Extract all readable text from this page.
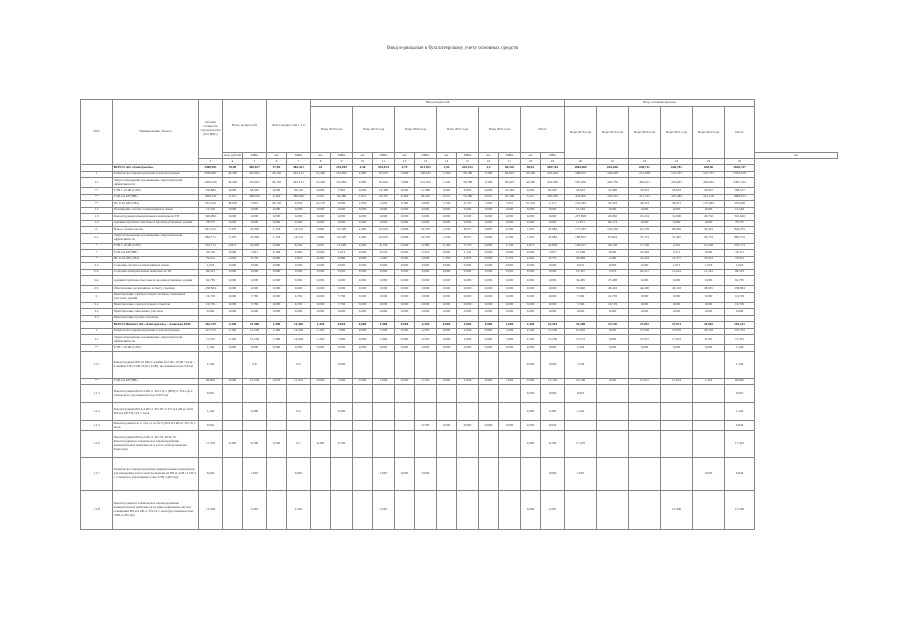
Ввод в-рвошлые к бухгалтерскому учету основных средств
№№	Наименование объекта	Полная стоимость строительства (без НДС)	Всего мощностей		Всего мощностей 1 1/2		Ввод мощностей												Ввод основных фондов						
							План 2018 года		План 2019 года		План 2020 года		План 2021 года		План 2022 года		Итого		План 2018 года	План 2019 года	План 2020 года	План 2021 года	План 2022 года	Итого	
			млн. рублей	МВА	км	МВА	км	МВА	км	МВА	км	МВА	км	МВА	км	МВА	км	МВА							км
		3	4	5	6	7	8	9	10	11	12	13	14	15	16	17	18	19	20	21	22	23	24	25	
	ВСЕГО АО «Электросеть»	3469,951	55,00	485,81*	57,65	482,331	18	219,945	4,40	933,674	4,79	613,951	1,94	625,221	3,5	60,145	98,01	5827,84	1094,560	616,026	638,711	640,781	638,50	3636,747	
1	Техническое перевооружение и реконструкция	2508,691	43,340	425,851	45,746	443,131	12,340	101,891	2,080	81,674	3,996	100,625	1,504	78,188	3,396	83,623	43,340	453,029	598,672	436,628	251,958	531,337	527,737	2376,318	
1.1	Энергосбережение и повышение энергетической эффективности	2409,256	43,340	453,025	45,746	443,131	12,340	101,891	2,080	81,624	3,996	101,625	1,540	78,188	3,396	83,623	43,340	453,029	587,636	449,739	494,011	479,667	494,632	2497,144	
**	ТЭП 1.10 кВ (СН2)	150,884	0,000	64,945	0,000	56,310	9,000	7,861	0,000	12,389	0,000	11,380	0,000	6,850	0,000	22,364	0,000	60,945	18,691	35,696	35,615	18,003	33,837	168,157	
**	ТЭП 0,4 кВ (НН)	1828,341	5,321	386,039	2,420	389,499	2,925	94,286	1,031	70,337	0,406	82,445	0,231	74,286	0,655	61,308	5,221	385,038	433,850	343,742	412,722	425,482	521,118	1988,254	
**	ПС 6-10 кВ (СН2)	351,219	38,020	7,841	43,126	4,830	10,170	0,000	1,050	1,050	3,190	0,000	1,740	0,170	7,850	1,631	37,224	1,171	161,293	35,593	46,533	36,671	137,092	355,628	
1.2	Расширение систем телемеханики и связи	12,526	0,000	0,000	0,000	0,000	0,000	0,000	0,000	0,000	0,000	0,000	0,000	0,000	0,000	0,000	0,000	0,000	12,526	0,000	0,000	0,000	0,000	12,526	
1.3	Реконструкция измерительных комплексов ТП	340,990	0,000	0,000	0,000	0,000	0,000	0,000	0,000	0,000	0,000	0,000	0,000	0,000	0,000	0,000	0,000	0,000	207,808	20,082	19,224	31,800	26,702	310,946	
1.4	Административно-бытовые и производственные здания	78,537	0,000	0,000	0,000	0,000	0,000	0,000	0,000	0,000	0,000	0,000	0,000	0,000	0,000	0,000	0,000	0,000	11,871	66,173	0,000	0,000	0,000	78,537	
2.	Новое строительство	947,222	7,470	47,040	1,134	14,101	2,860	16,228	2,460	10,025	0,906	10,376	1,530	8,027	0,887	2,309	7,470	47,084	177,203	191,230	61,278	96,965	54,291	842,235	
2.1.	Энергосбережение и повышение энергетической эффективности	882,771	7,470	47,040	1,134	14,101	2,860	16,228	2,460	10,025	0,906	10,376	1,530	8,027	0,000	2,309	7,470	47,084	168,873	97,844	37,721	57,497	26,733	882,772	
*	ТЭП 1.10 кВ (СН2)	252,713	4,873	32,839	0,966	8,230	2,691	13,028	2,000	8,130	0,906	6,399	0,160	3,770	0,000	2,136	4,873	32,839	104,977	36,108	17,109	4,591	12,238	252,713	
*	ТЭП 0,4 кВ (НН)	33,510	0,000	7,811	0,168	2,800	0,000	1,673	0,000	0,235	0,000	4,352	0,000	1,152	0,000	0,000	0,000	7,857	11,208	8,580	16,262	5,471	0,000	33,511	
*	ПС 6-10 кВ (СН2)	79,912	2,604	6,770	0,000	2,919	0,290	0,980	0,000	1,660	0,000	0,000	1,350	4,870	0,000	0,170	2,604	6,770	20,688	2,260	14,203	14,377	79,912	79,912	
2.2	Создание систем телемеханики и связи	1,018	0,000	0,000	0,000	0,000	0,000	0,000	0,000	0,000	0,000	0,000	0,000	0,000	0,000	0,000	0,000	0,000	0,031	0,000	0,200	1,015	1,018	1,018	
2.3.	Создание измерительных комплексов ТП	86,523	0,000	0,000	0,000	0,000	0,000	0,000	0,000	0,000	0,000	0,000	0,000	0,000	0,000	0,000	0,000	0,000	19,307	2,879	20,417	12,624	21,361	86,523	
2.4.	Административно-бытовые и производственные здания	62,785	0,000	0,000	0,000	0,000	0,000	0,000	0,000	0,000	0,000	0,000	0,000	0,000	0,000	0,000	0,000	0,000	54,485	27,408	0,200	0,000	0,000	62,785	
2.5.	Обеспечение, не входящее в смету стройки	238,804	0,000	0,000	0,000	0,000	0,000	0,000	0,000	0,000	0,000	0,000	0,000	0,000	0,000	0,000	0,000	0,000	55,840	48,416	44,200	43,163	48,935	238,804	
3.	Приобретение электросетевых активов, земельных участков, зданий	16,729	0,000	7,766	0,000	4,350	0,000	7,766	0,000	0,000	0,000	0,000	0,000	0,000	0,000	0,000	0,000	0,000	7,566	16,729	0,000	0,000	0,000	16,729	
3.1.	Приобретение электросетевых объектов	16,729	0,000	7,766	0,000	4,350	0,000	7,766	0,000	0,000	0,000	0,000	0,000	0,000	0,000	0,000	0,000	0,000	7,566	16,729	0,000	0,000	0,000	16,729	
3.2	Приобретение земельных участков	0,000	0,000	0,000	0,000	0,000	0,000	0,000	0,000	0,000	0,000	0,000	0,000	0,000	0,000	0,000	0,000	0,000	0,000	0,000	0,000	0,000	0,000	0,000	
3.3	Приобретение прочих объектов																								
	ВСЕГО Филиал АО «Электросеть» - Азовская МЭС	182,370	2,340	15,366	1,490	14,456	1,430	0,020	0,000	1,966	0,000	4,330	0,000	2,906	0,969	1,609	2,340	15,364	32,188	27,120	27,057	27,871	24,902	181,231	
1	Техническое перевооружение и реконструкция	147,372	2,340	15,236	1,490	14,456	1,430	7,990	0,000	1,966	0,000	4,330	0,000	2,006	0,969	1,609	2,340	15,236	61,905	0,000	27,050	27,870	26,702	147,372	
1.1	Энергосбережение и повышение энергетической эффективности	71,591	2,340	15,236	1,490	14,456	1,430	7,990	0,000	1,966	0,000	4,330	0,000	2,006	0,969	1,609	2,340	15,236	15,215	0,000	27,057	17,023	8,103	71,591	
**	ТЭП 1.10 кВ (СН2)	1,546	0,000	0,000	0,000	0,000	0,000	0,000	0,000	0,000	0,000	0,000	0,000	0,000	0,000	0,000	0,000	0,000	1,546	0,000	0,000	0,000	0,000	1,546	
1.1.1	Реконструкция ВЛ-10 кВ от ячейки №3 ПС-10 кВ "Азов" - в ячейки ТП-10 кВ-16 (6-10 кВ), протяженностью 0,8 км	1,546		0,8		0,4		0,800									0,000	0,000	7,546					1,546	
**	ТЭП 0,4 кВ (НН)	69,865	0,000	15,236	0,970	15,419	0,000	7,990	0,000	1,966	0,000	4,330	0,000	2,006	0,969	1,609	0,000	13,126	16,769	0,000	27,057	15,024	1,324	69,865	
1.1.3	Реконструкция ВЛ-0,4 кВ от ТП-3 ф-1 (НН) от ТП-2 ф-2 Самарского, протяженностью 0,925 км	0,925															0,000	0,000	0,925					0,925	
1.1.4	Реконструкция ВЛ-0,4 кВ от ТП-38 от ТУ-0,4 кВ до №31 ВЛ-0,4 кВ ТП-123 г. Азов	1,240		0,400		0,4		0,400									0,400	0,400	1,240					1,240	
1.1.5	Реконструкция (ж от №2 до от №17) ВЛ-0,4 кВ от ТП-70 г. Азов	0,944										0,700	0,000	0,000	0,000	0,000	0,000	0,944						0,944	
1.1.6	Реконструкция ВЛ-0,4 кВ от ТП-70, КТП-70. Реконструкция и техническое перевооружение измерительных комплексов и учета электроэнергии - Зерноград	17,455	0,400	6,700	0,330	6,7	6,400	6,700									0,400	6,700	17,455					17,455	
1.1.7	Техническое перевооружение измерительных комплексов для внедрения учета электроэнергии на ВЛ-0,4 кВ от ТП-2 г. Самарское (протяженностью ТЭП-1,065 км)	6,026		1,065		0,065				1,065	0,000	0,000						0,000	1,065				6,026	6,026	
1.1.8	Реконструкция и техническое перевооружение измерительных комплексов на присоединениях систем освещения ВЛ-0,4 кВ от ТП-19 г. Азов (протяженностью ЛЭП-2,265 км)	13,300		2,265		2,265				2,265							0,000	2,265				13,300		13,300	
